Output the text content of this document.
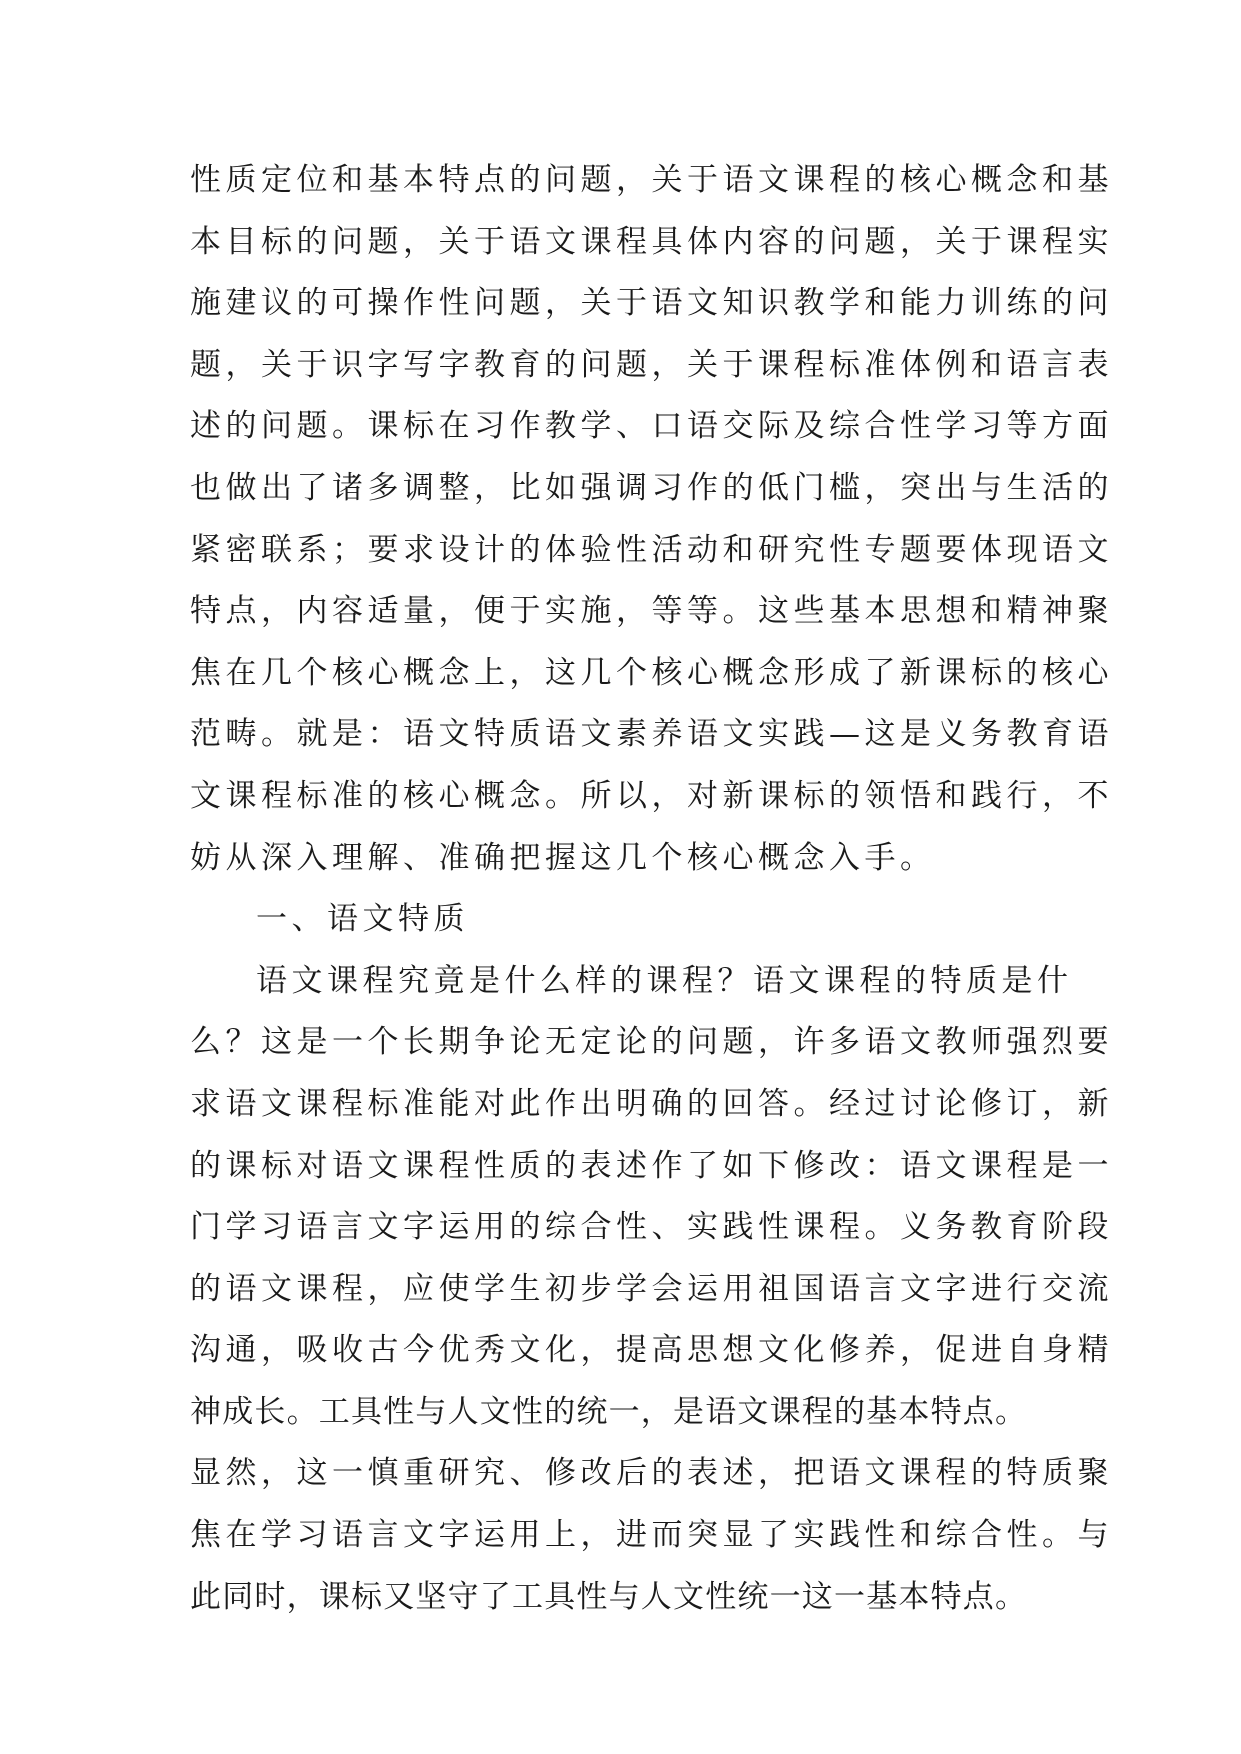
性质定位和基本特点的问题，关于语文课程的核心概念和基
本目标的问题，关于语文课程具体内容的问题，关于课程实
施建议的可操作性问题，关于语文知识教学和能力训练的问
题，关于识字写字教育的问题，关于课程标准体例和语言表
述的问题。课标在习作教学、口语交际及综合性学习等方面
也做出了诸多调整，比如强调习作的低门槛，突出与生活的
紧密联系；要求设计的体验性活动和研究性专题要体现语文
特点，内容适量，便于实施，等等。这些基本思想和精神聚
焦在几个核心概念上，这几个核心概念形成了新课标的核心
范畴。就是：语文特质语文素养语文实践—这是义务教育语
文课程标准的核心概念。所以，对新课标的领悟和践行，不
妨从深入理解、准确把握这几个核心概念入手。
一、语文特质
语文课程究竟是什么样的课程？语文课程的特质是什
么？这是一个长期争论无定论的问题，许多语文教师强烈要
求语文课程标准能对此作出明确的回答。经过讨论修订，新
的课标对语文课程性质的表述作了如下修改：语文课程是一
门学习语言文字运用的综合性、实践性课程。义务教育阶段
的语文课程，应使学生初步学会运用祖国语言文字进行交流
沟通，吸收古今优秀文化，提高思想文化修养，促进自身精
神成长。工具性与人文性的统一，是语文课程的基本特点。
显然，这一慎重研究、修改后的表述，把语文课程的特质聚
焦在学习语言文字运用上，进而突显了实践性和综合性。与
此同时，课标又坚守了工具性与人文性统一这一基本特点。
